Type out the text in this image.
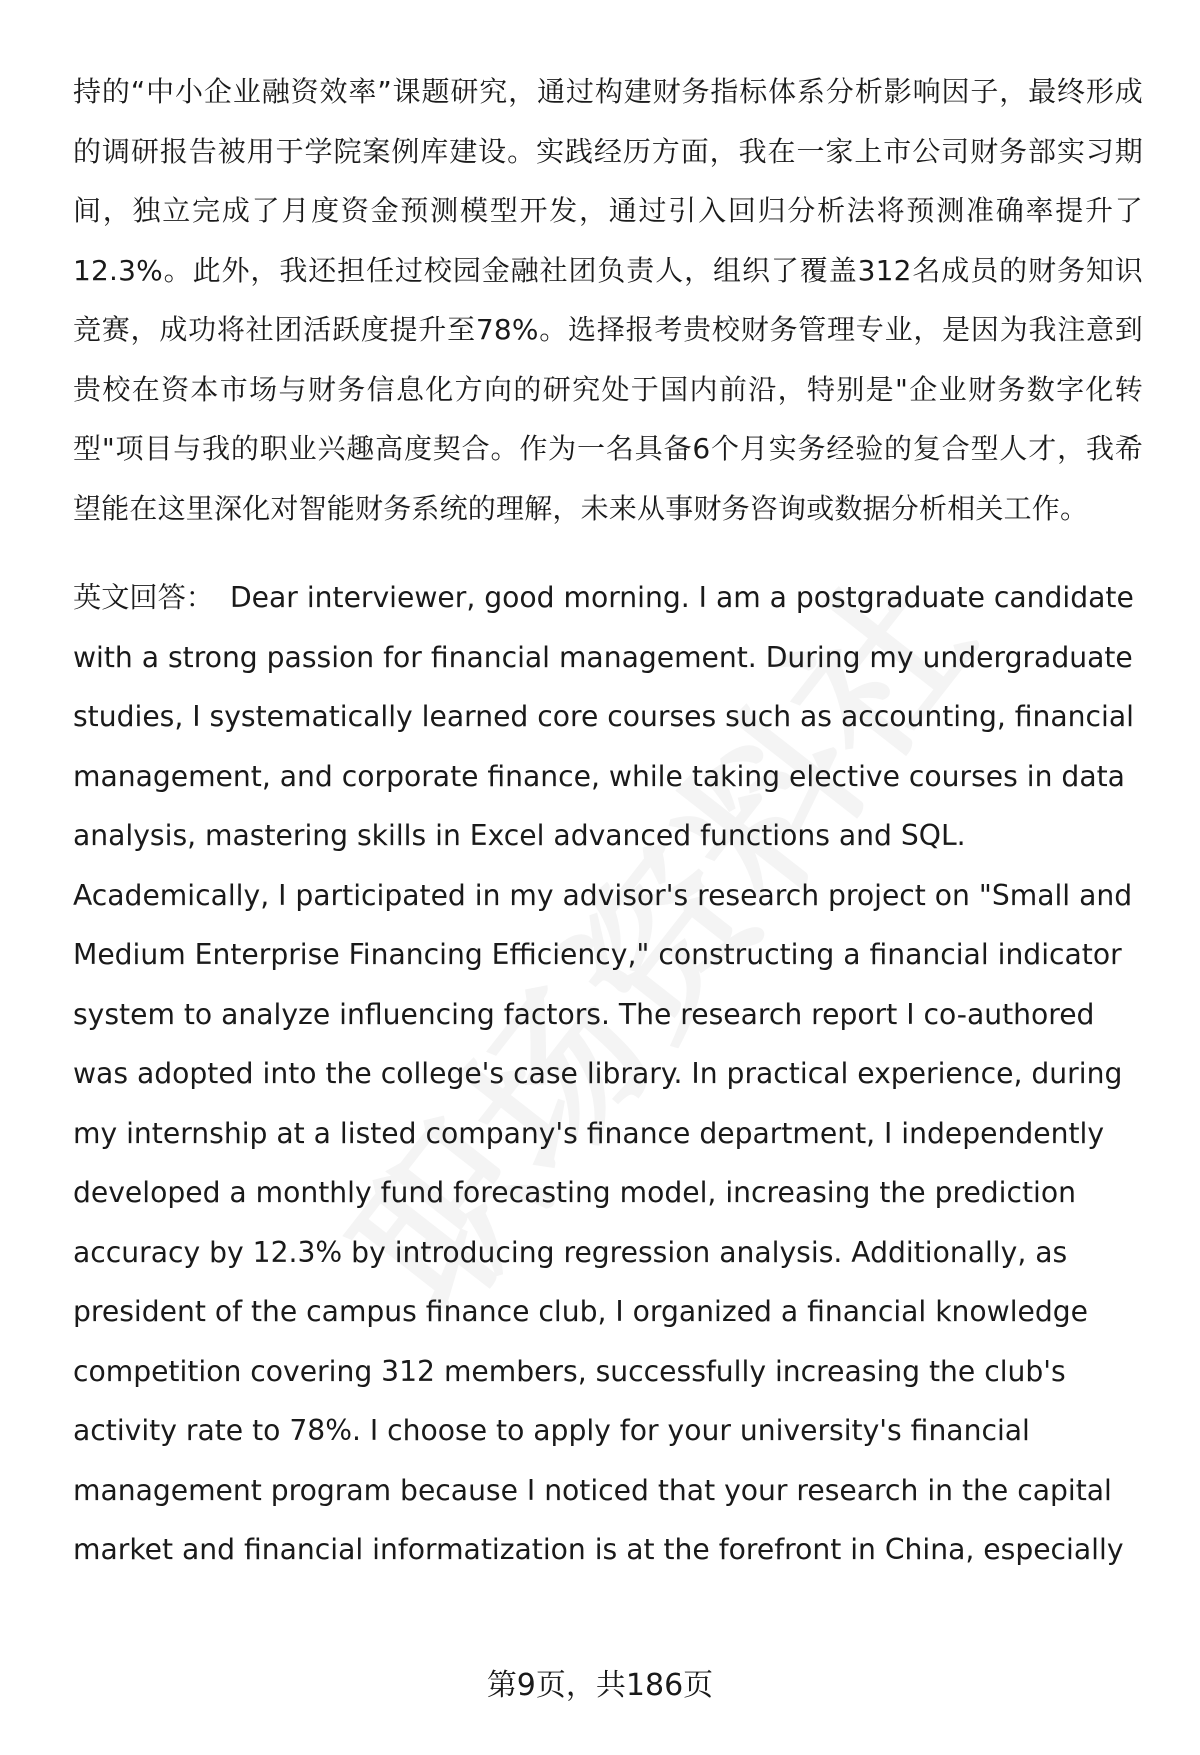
持的“中小企业融资效率”课题研究，通过构建财务指标体系分析影响因子，最终形成的调研报告被用于学院案例库建设。实践经历方面，我在一家上市公司财务部实习期间，独立完成了月度资金预测模型开发，通过引入回归分析法将预测准确率提升了12.3%。此外，我还担任过校园金融社团负责人，组织了覆盖312名成员的财务知识竞赛，成功将社团活跃度提升至78%。选择报考贵校财务管理专业，是因为我注意到贵校在资本市场与财务信息化方向的研究处于国内前沿，特别是"企业财务数字化转型"项目与我的职业兴趣高度契合。作为一名具备6个月实务经验的复合型人才，我希望能在这里深化对智能财务系统的理解，未来从事财务咨询或数据分析相关工作。

英文回答： Dear interviewer, good morning. I am a postgraduate candidate with a strong passion for financial management. During my undergraduate studies, I systematically learned core courses such as accounting, financial management, and corporate finance, while taking elective courses in data analysis, mastering skills in Excel advanced functions and SQL. Academically, I participated in my advisor's research project on "Small and Medium Enterprise Financing Efficiency," constructing a financial indicator system to analyze influencing factors. The research report I co-authored was adopted into the college's case library. In practical experience, during my internship at a listed company's finance department, I independently developed a monthly fund forecasting model, increasing the prediction accuracy by 12.3% by introducing regression analysis. Additionally, as president of the campus finance club, I organized a financial knowledge competition covering 312 members, successfully increasing the club's activity rate to 78%. I choose to apply for your university's financial management program because I noticed that your research in the capital market and financial informatization is at the forefront in China, especially

第9页，共186页
